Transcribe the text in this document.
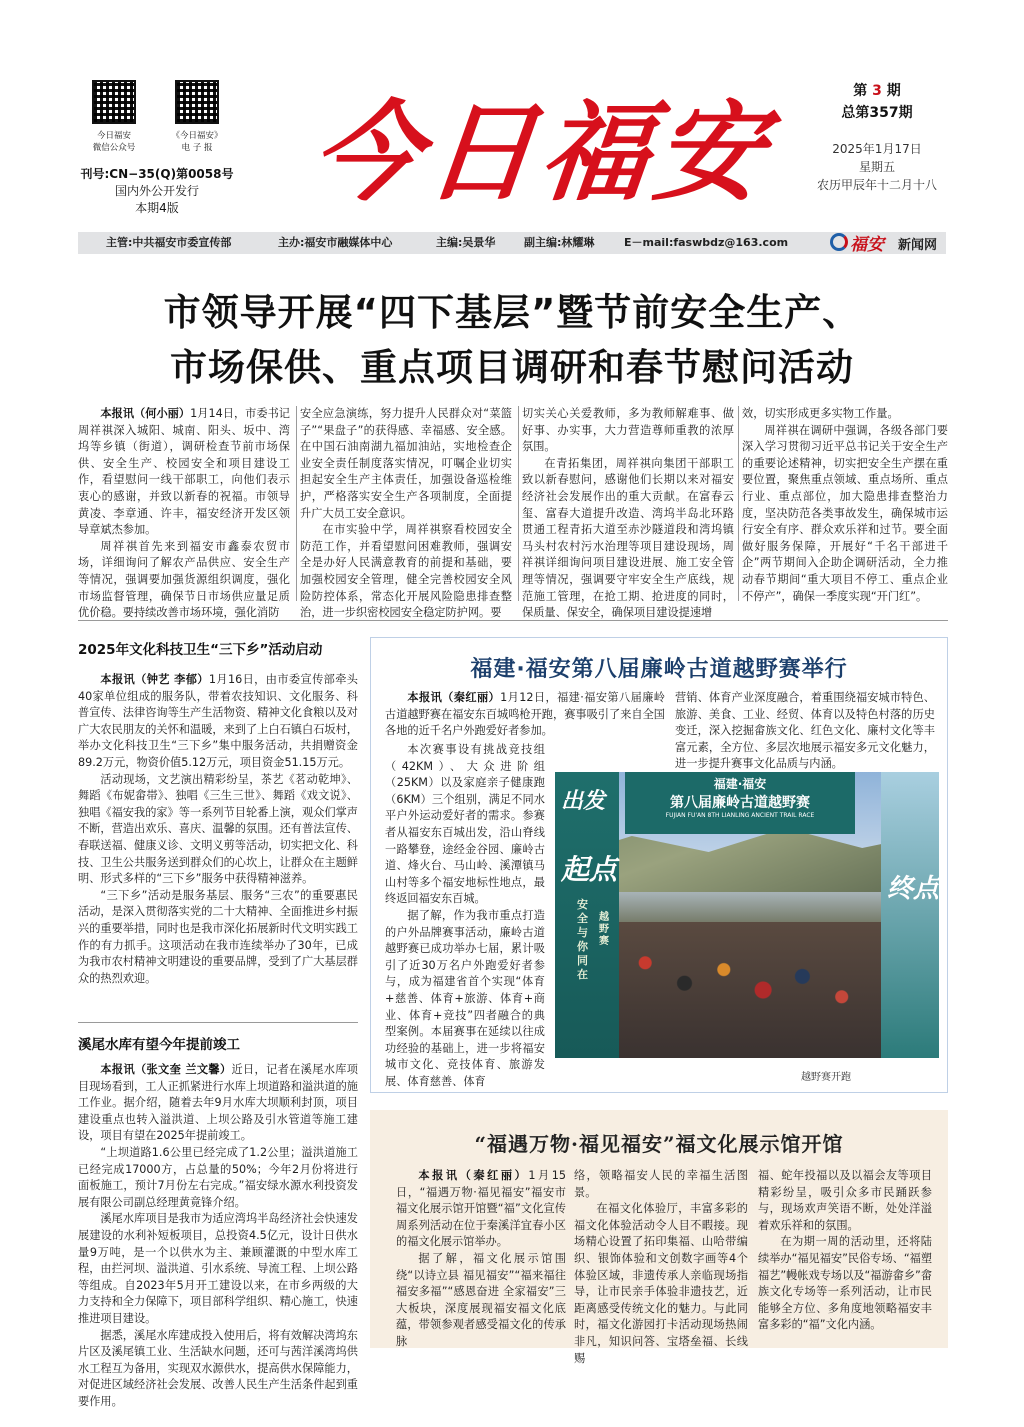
今日福安
微信公众号
《今日福安》
电 子 报
刊号:CN−35(Q)第0058号
国内外公开发行
本期4版	今日福安	第 3 期
总第357期
2025年1月17日
星期五
农历甲辰年十二月十八
主管:中共福安市委宣传部	主办:福安市融媒体中心	主编:吴景华	副主编:林耀琳	E－mail:faswbdz@163.com	福安 新闻网
市领导开展“四下基层”暨节前安全生产、
市场保供、重点项目调研和春节慰问活动

本报讯（何小丽）1月14日，市委书记周祥祺深入城阳、城南、阳头、坂中、湾坞等乡镇（街道），调研检查节前市场保供、安全生产、校园安全和项目建设工作，看望慰问一线干部职工，向他们表示衷心的感谢，并致以新春的祝福。市领导黄凌、李章通、许丰，福安经济开发区领导章斌杰参加。

周祥祺首先来到福安市鑫泰农贸市场，详细询问了解农产品供应、安全生产等情况，强调要加强货源组织调度，强化市场监督管理，确保节日市场供应量足质优价稳。要持续改善市场环境，强化消防

安全应急演练，努力提升人民群众对“菜篮子”“果盘子”的获得感、幸福感、安全感。在中国石油南湖九福加油站，实地检查企业安全责任制度落实情况，叮嘱企业切实担起安全生产主体责任，加强设备巡检维护，严格落实安全生产各项制度，全面提升广大员工安全意识。

在市实验中学，周祥祺察看校园安全防范工作，并看望慰问困难教师，强调安全是办好人民满意教育的前提和基础，要加强校园安全管理，健全完善校园安全风险防控体系，常态化开展风险隐患排查整治，进一步织密校园安全稳定防护网。要

切实关心关爱教师，多为教师解难事、做好事、办实事，大力营造尊师重教的浓厚氛围。

在青拓集团，周祥祺向集团干部职工致以新春慰问，感谢他们长期以来对福安经济社会发展作出的重大贡献。在富春云玺、富春大道提升改造、湾坞半岛北环路贯通工程青拓大道至赤沙隧道段和湾坞镇马头村农村污水治理等项目建设现场，周祥祺详细询问项目建设进展、施工安全管理等情况，强调要守牢安全生产底线，规范施工管理，在抢工期、抢进度的同时，保质量、保安全，确保项目建设提速增

效，切实形成更多实物工作量。

周祥祺在调研中强调，各级各部门要深入学习贯彻习近平总书记关于安全生产的重要论述精神，切实把安全生产摆在重要位置，聚焦重点领域、重点场所、重点行业、重点部位，加大隐患排查整治力度，坚决防范各类事故发生，确保城市运行安全有序、群众欢乐祥和过节。要全面做好服务保障，开展好“千名干部进千企”两节期间入企助企调研活动，全力推动春节期间“重大项目不停工、重点企业不停产”，确保一季度实现“开门红”。

2025年文化科技卫生“三下乡”活动启动

本报讯（钟艺 李郁）1月16日，由市委宣传部牵头40家单位组成的服务队，带着农技知识、文化服务、科普宣传、法律咨询等生产生活物资、精神文化食粮以及对广大农民朋友的关怀和温暖，来到了上白石镇白石坂村，举办文化科技卫生“三下乡”集中服务活动，共捐赠资金89.2万元，物资价值5.12万元，项目资金51.15万元。

活动现场，文艺演出精彩纷呈，茶艺《茗动乾坤》、舞蹈《布妮畲帯》、独唱《三生三世》、舞蹈《戏文说》、独唱《福安我的家》等一系列节目轮番上演，观众们掌声不断，营造出欢乐、喜庆、温馨的氛围。还有普法宣传、春联送福、健康义诊、文明义剪等活动，切实把文化、科技、卫生公共服务送到群众们的心坎上，让群众在主题鲜明、形式多样的“三下乡”服务中获得精神滋养。

“三下乡”活动是服务基层、服务“三农”的重要惠民活动，是深入贯彻落实党的二十大精神、全面推进乡村振兴的重要举措，同时也是我市深化拓展新时代文明实践工作的有力抓手。这项活动在我市连续举办了30年，已成为我市农村精神文明建设的重要品牌，受到了广大基层群众的热烈欢迎。

溪尾水库有望今年提前竣工

本报讯（张文奎 兰文馨）近日，记者在溪尾水库项目现场看到，工人正抓紧进行水库上坝道路和溢洪道的施工作业。据介绍，随着去年9月水库大坝顺利封顶，项目建设重点也转入溢洪道、上坝公路及引水管道等施工建设，项目有望在2025年提前竣工。

“上坝道路1.6公里已经完成了1.2公里；溢洪道施工已经完成17000方，占总量的50%；今年2月份将进行面板施工，预计7月份左右完成。”福安绿水源水利投资发展有限公司副总经理黄竟锋介绍。

溪尾水库项目是我市为适应湾坞半岛经济社会快速发展建设的水利补短板项目，总投资4.5亿元，设计日供水量9万吨，是一个以供水为主、兼顾灌溉的中型水库工程，由拦河坝、溢洪道、引水系统、导流工程、上坝公路等组成。自2023年5月开工建设以来，在市乡两级的大力支持和全力保障下，项目部科学组织、精心施工，快速推进项目建设。

据悉，溪尾水库建成投入使用后，将有效解决湾坞东片区及溪尾镇工业、生活缺水问题，还可与茜洋溪湾坞供水工程互为备用，实现双水源供水，提高供水保障能力，对促进区域经济社会发展、改善人民生产生活条件起到重要作用。

福建·福安第八届廉岭古道越野赛举行

本报讯（秦红丽）1月12日，福建·福安第八届廉岭古道越野赛在福安东百城鸣枪开跑，赛事吸引了来自全国各地的近千名户外跑爱好者参加。

营销、体育产业深度融合，着重围绕福安城市特色、旅游、美食、工业、经贸、体育以及特色村落的历史变迁，深入挖掘畲族文化、红色文化、廉村文化等丰富元素，全方位、多层次地展示福安多元文化魅力，进一步提升赛事文化品质与内涵。

本次赛事设有挑战竞技组（42KM）、大众进阶组（25KM）以及家庭亲子健康跑（6KM）三个组别，满足不同水平户外运动爱好者的需求。参赛者从福安东百城出发，沿山脊线一路攀登，途经金谷园、廉岭古道、烽火台、马山岭、溪潭镇马山村等多个福安地标性地点，最终返回福安东百城。

据了解，作为我市重点打造的户外品牌赛事活动，廉岭古道越野赛已成功举办七届，累计吸引了近30万名户外跑爱好者参与，成为福建省首个实现“体育+慈善、体育+旅游、体育+商业、体育+竞技”四者融合的典型案例。本届赛事在延续以往成功经验的基础上，进一步将福安城市文化、竞技体育、旅游发展、体育慈善、体育

福建·福安
第八届廉岭古道越野赛
FUJIAN FU'AN 8TH LIANLING ANCIENT TRAIL RACE
出发
起点
安全与你同在
越野赛
终点
越野赛开跑
“福遇万物·福见福安”福文化展示馆开馆

本报讯（秦红丽）1月15日，“福遇万物·福见福安”福安市福文化展示馆开馆暨“福”文化宣传周系列活动在位于秦溪洋宜春小区的福文化展示馆举办。

据了解，福文化展示馆围绕“以诗立县 福见福安”“福来福往 福安多福”“感恩奋进 全家福安”三大板块，深度展现福安福文化底蕴，带领参观者感受福文化的传承脉

络，领略福安人民的幸福生活图景。

在福文化体验厅，丰富多彩的福文化体验活动令人目不暇接。现场精心设置了拓印集福、山哈带编织、银饰体验和文创数字画等4个体验区域，非遗传承人亲临现场指导，让市民亲手体验非遗技艺，近距离感受传统文化的魅力。与此同时，福文化游园打卡活动现场热闹非凡，知识问答、宝塔垒福、长线赐

福、蛇年投福以及以福会友等项目精彩纷呈，吸引众多市民踊跃参与，现场欢声笑语不断，处处洋溢着欢乐祥和的氛围。

在为期一周的活动里，还将陆续举办“福见福安”民俗专场、“福塑福艺”幔帐戏专场以及“福游畲乡”畲族文化专场等一系列活动，让市民能够全方位、多角度地领略福安丰富多彩的“福”文化内涵。
